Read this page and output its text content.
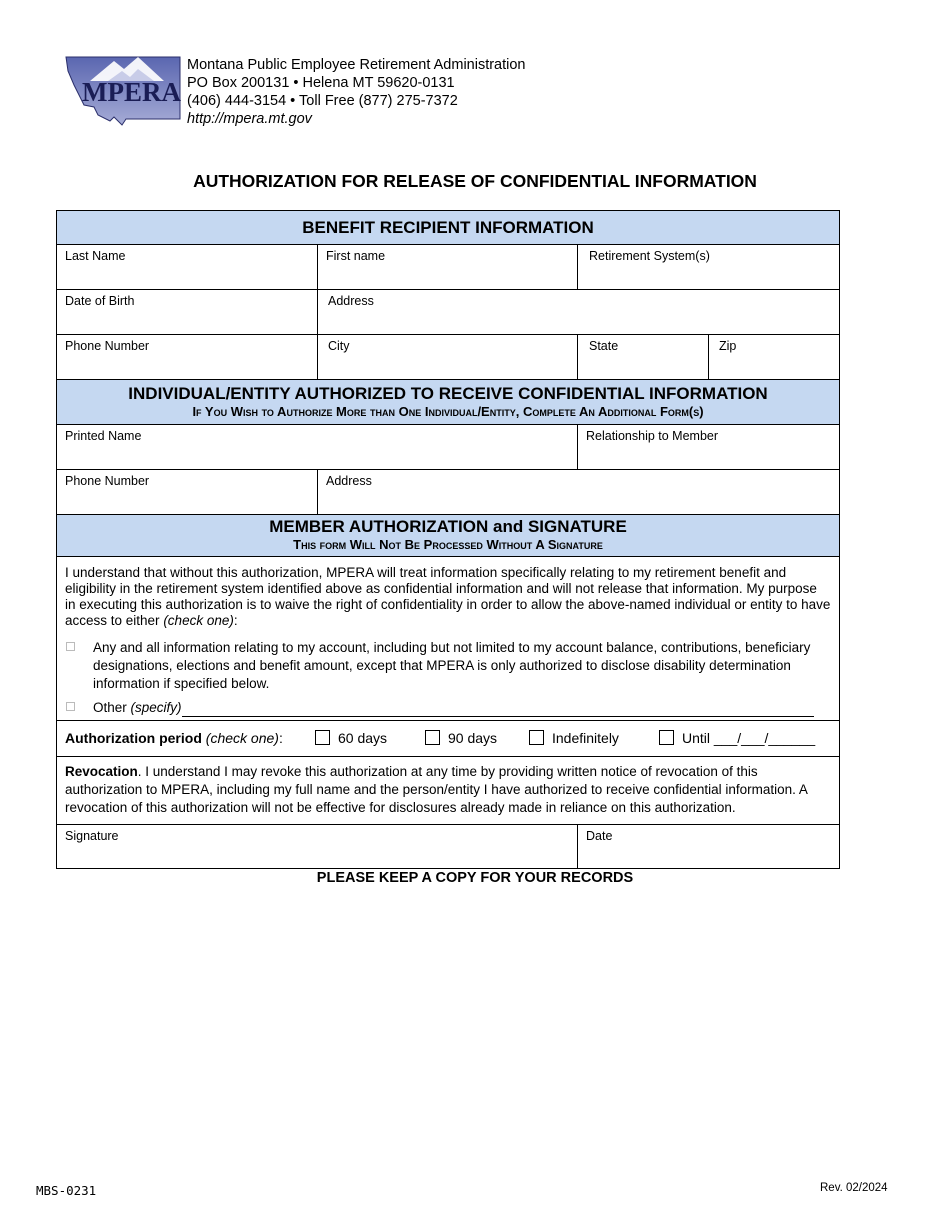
MPERA
Montana Public Employee Retirement Administration
PO Box 200131 • Helena MT 59620-0131
(406) 444-3154 • Toll Free (877) 275-7372
http://mpera.mt.gov
AUTHORIZATION FOR RELEASE OF CONFIDENTIAL INFORMATION
BENEFIT RECIPIENT INFORMATION			

Last Name	First name	Retirement System(s)	

Date of Birth	Address		

Phone Number	City	State	Zip

INDIVIDUAL/ENTITY AUTHORIZED TO RECEIVE CONFIDENTIAL INFORMATION
If You Wish to Authorize More than One Individual/Entity, Complete An Additional Form(s)			

Printed Name		Relationship to Member	

Phone Number	Address		

MEMBER AUTHORIZATION and SIGNATURE
This form Will Not Be Processed Without A Signature			

I understand that without this authorization, MPERA will treat information specifically relating to my retirement benefit and eligibility in the retirement system identified above as confidential information and will not release that information. My purpose in executing this authorization is to waive the right of confidentiality in order to allow the above-named individual or entity to have access to either (check one):
Any and all information relating to my account, including but not limited to my account balance, contributions, beneficiary designations, elections and benefit amount, except that MPERA is only authorized to disclose disability determination information if specified below.
Other (specify)			

Authorization period (check one): 60 days 90 days Indefinitely Until ___/___/______			

Revocation. I understand I may revoke this authorization at any time by providing written notice of revocation of this authorization to MPERA, including my full name and the person/entity I have authorized to receive confidential information. A revocation of this authorization will not be effective for disclosures already made in reliance on this authorization.			

Signature		Date	
PLEASE KEEP A COPY FOR YOUR RECORDS
MBS-0231	Rev. 02/2024
